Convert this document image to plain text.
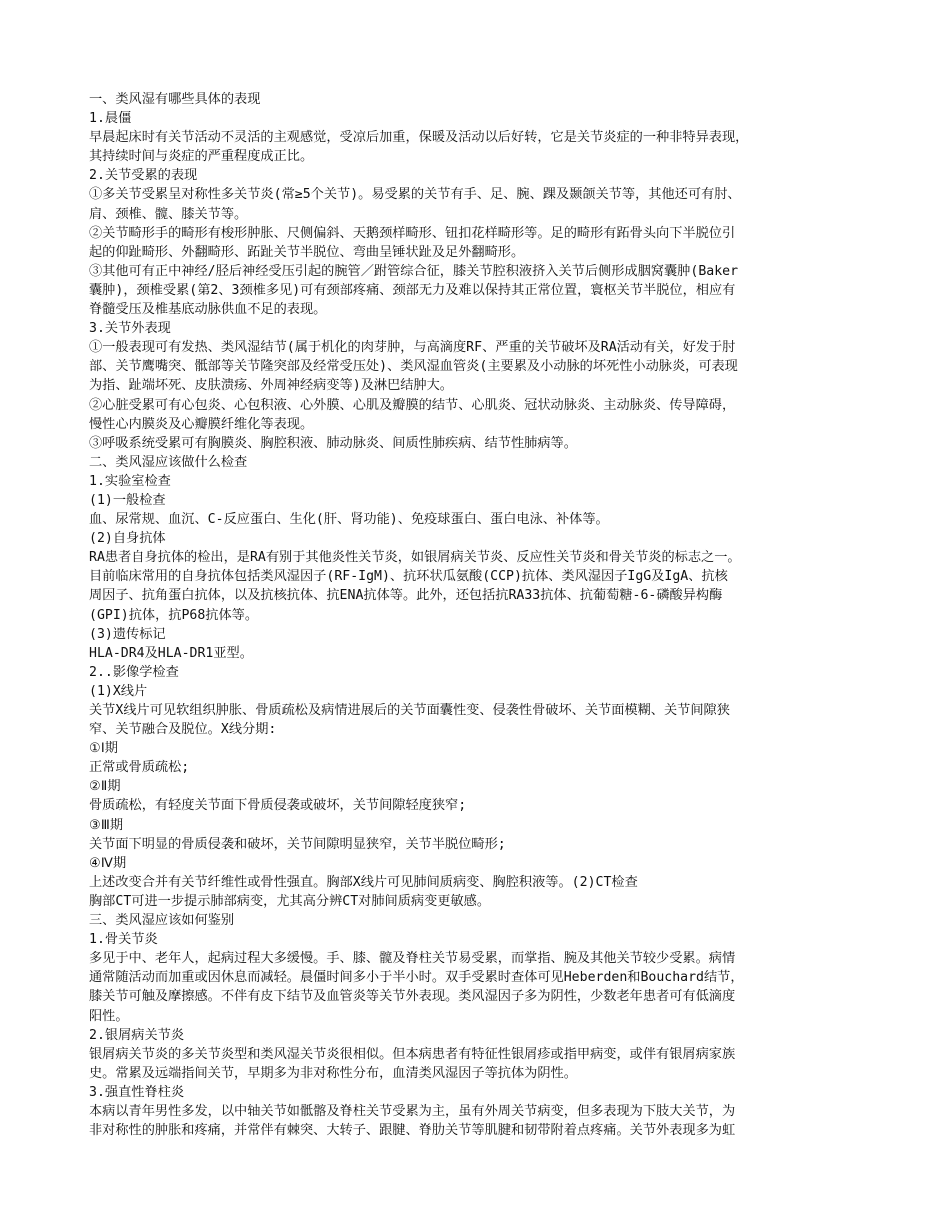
一、类风湿有哪些具体的表现
1.晨僵
早晨起床时有关节活动不灵活的主观感觉，受凉后加重，保暖及活动以后好转，它是关节炎症的一种非特异表现，
其持续时间与炎症的严重程度成正比。
2.关节受累的表现
①多关节受累呈对称性多关节炎(常≥5个关节)。易受累的关节有手、足、腕、踝及颞颌关节等，其他还可有肘、
肩、颈椎、髋、膝关节等。
②关节畸形手的畸形有梭形肿胀、尺侧偏斜、天鹅颈样畸形、钮扣花样畸形等。足的畸形有跖骨头向下半脱位引
起的仰趾畸形、外翻畸形、跖趾关节半脱位、弯曲呈锤状趾及足外翻畸形。
③其他可有正中神经/胫后神经受压引起的腕管／跗管综合征，膝关节腔积液挤入关节后侧形成胭窝囊肿(Baker
囊肿)，颈椎受累(第2、3颈椎多见)可有颈部疼痛、颈部无力及难以保持其正常位置，寰枢关节半脱位，相应有
脊髓受压及椎基底动脉供血不足的表现。
3.关节外表现
①一般表现可有发热、类风湿结节(属于机化的肉芽肿，与高滴度RF、严重的关节破坏及RA活动有关，好发于肘
部、关节鹰嘴突、骶部等关节隆突部及经常受压处)、类风湿血管炎(主要累及小动脉的坏死性小动脉炎，可表现
为指、趾端坏死、皮肤溃疡、外周神经病变等)及淋巴结肿大。
②心脏受累可有心包炎、心包积液、心外膜、心肌及瓣膜的结节、心肌炎、冠状动脉炎、主动脉炎、传导障碍，
慢性心内膜炎及心瓣膜纤维化等表现。
③呼吸系统受累可有胸膜炎、胸腔积液、肺动脉炎、间质性肺疾病、结节性肺病等。
二、类风湿应该做什么检查
1.实验室检查
(1)一般检查
血、尿常规、血沉、C-反应蛋白、生化(肝、肾功能)、免疫球蛋白、蛋白电泳、补体等。
(2)自身抗体
RA患者自身抗体的检出，是RA有别于其他炎性关节炎，如银屑病关节炎、反应性关节炎和骨关节炎的标志之一。
目前临床常用的自身抗体包括类风湿因子(RF-IgM)、抗环状瓜氨酸(CCP)抗体、类风湿因子IgG及IgA、抗核
周因子、抗角蛋白抗体，以及抗核抗体、抗ENA抗体等。此外，还包括抗RA33抗体、抗葡萄糖-6-磷酸异构酶
(GPI)抗体，抗P68抗体等。
(3)遗传标记
HLA-DR4及HLA-DR1亚型。
2..影像学检查
(1)X线片
关节X线片可见软组织肿胀、骨质疏松及病情进展后的关节面囊性变、侵袭性骨破坏、关节面模糊、关节间隙狭
窄、关节融合及脱位。X线分期:
①Ⅰ期
正常或骨质疏松;
②Ⅱ期
骨质疏松，有轻度关节面下骨质侵袭或破坏，关节间隙轻度狭窄;
③Ⅲ期
关节面下明显的骨质侵袭和破坏，关节间隙明显狭窄，关节半脱位畸形;
④Ⅳ期
上述改变合并有关节纤维性或骨性强直。胸部X线片可见肺间质病变、胸腔积液等。(2)CT检查
胸部CT可进一步提示肺部病变，尤其高分辨CT对肺间质病变更敏感。
三、类风湿应该如何鉴别
1.骨关节炎
多见于中、老年人，起病过程大多缓慢。手、膝、髋及脊柱关节易受累，而掌指、腕及其他关节较少受累。病情
通常随活动而加重或因休息而减轻。晨僵时间多小于半小时。双手受累时查体可见Heberden和Bouchard结节，
膝关节可触及摩擦感。不伴有皮下结节及血管炎等关节外表现。类风湿因子多为阴性，少数老年患者可有低滴度
阳性。
2.银屑病关节炎
银屑病关节炎的多关节炎型和类风湿关节炎很相似。但本病患者有特征性银屑疹或指甲病变，或伴有银屑病家族
史。常累及远端指间关节，早期多为非对称性分布，血清类风湿因子等抗体为阴性。
3.强直性脊柱炎
本病以青年男性多发，以中轴关节如骶髂及脊柱关节受累为主，虽有外周关节病变，但多表现为下肢大关节，为
非对称性的肿胀和疼痛，并常伴有棘突、大转子、跟腱、脊肋关节等肌腱和韧带附着点疼痛。关节外表现多为虹
